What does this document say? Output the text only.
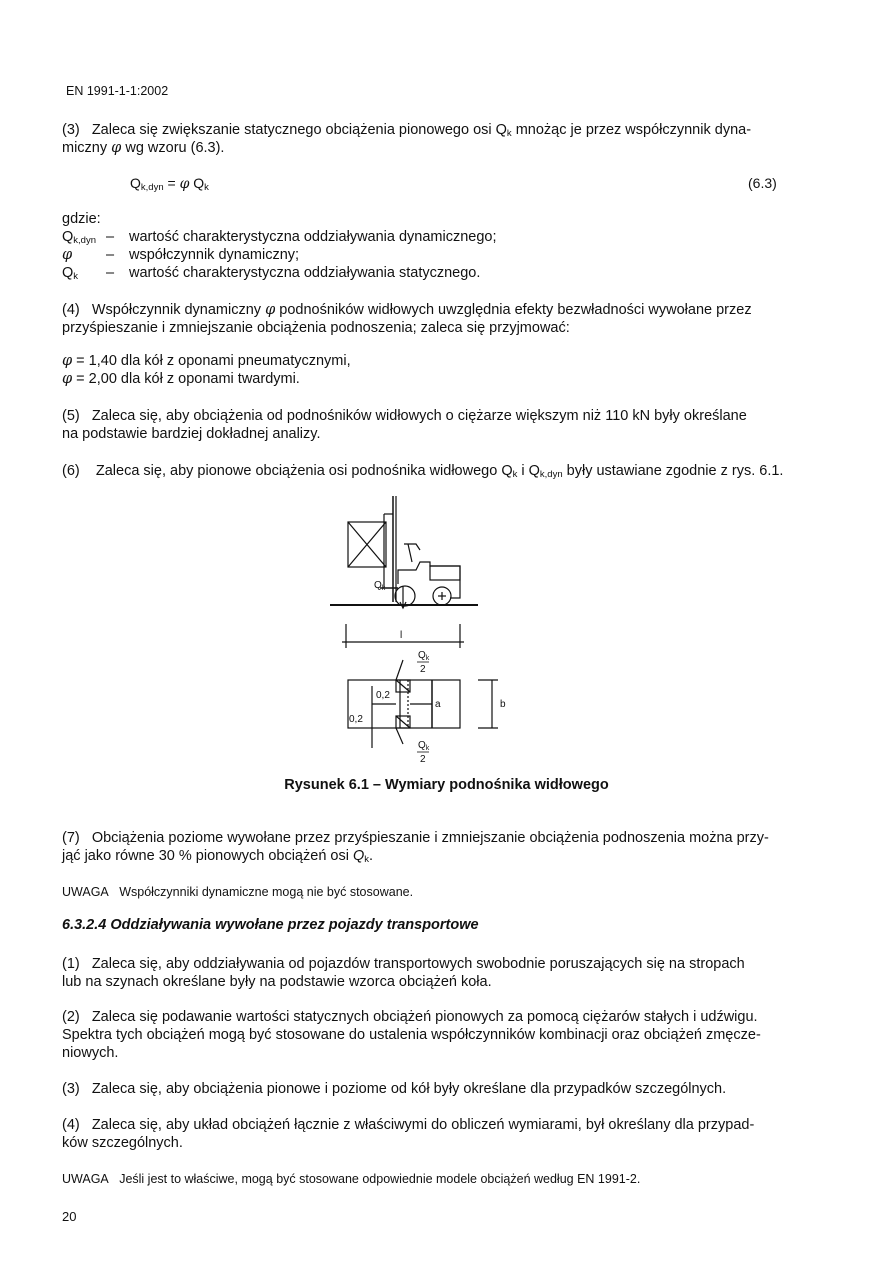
EN 1991-1-1:2002
(3) Zaleca się zwiększanie statycznego obciążenia pionowego osi $Q_k$ mnożąc je przez współczynnik dyna-
miczny φ wg wzoru (6.3).
$Q_{k,dyn} = \varphi$ $Q_k$	(6.3)
gdzie:
$Q_{k,dyn}$ – wartość charakterystyczna oddziaływania dynamicznego;
φ – współczynnik dynamiczny;
$Q_k$ – wartość charakterystyczna oddziaływania statycznego.
(4) Współczynnik dynamiczny φ podnośników widłowych uwzględnia efekty bezwładności wywołane przez
przyśpieszanie i zmniejszanie obciążenia podnoszenia; zaleca się przyjmować:
φ = 1,40 dla kół z oponami pneumatycznymi,
φ = 2,00 dla kół z oponami twardymi.
(5) Zaleca się, aby obciążenia od podnośników widłowych o ciężarze większym niż 110 kN były określane
na podstawie bardziej dokładnej analizy.
(6) Zaleca się, aby pionowe obciążenia osi podnośnika widłowego $Q_k$ i $Q_{k,dyn}$ były ustawiane zgodnie z rys. 6.1.
$Q_k$
l
$Q_k$
2
0,2
0,2
a	b
$Q_k$
2
Rysunek 6.1 – Wymiary podnośnika widłowego
(7) Obciążenia poziome wywołane przez przyśpieszanie i zmniejszanie obciążenia podnoszenia można przy-
jąć jako równe 30 % pionowych obciążeń osi $Q_k$.
UWAGA Współczynniki dynamiczne mogą nie być stosowane.
6.3.2.4 Oddziaływania wywołane przez pojazdy transportowe
(1) Zaleca się, aby oddziaływania od pojazdów transportowych swobodnie poruszających się na stropach
lub na szynach określane były na podstawie wzorca obciążeń koła.
(2) Zaleca się podawanie wartości statycznych obciążeń pionowych za pomocą ciężarów stałych i udźwigu.
Spektra tych obciążeń mogą być stosowane do ustalenia współczynników kombinacji oraz obciążeń zmęcze-
niowych.
(3) Zaleca się, aby obciążenia pionowe i poziome od kół były określane dla przypadków szczególnych.
(4) Zaleca się, aby układ obciążeń łącznie z właściwymi do obliczeń wymiarami, był określany dla przypad-
ków szczególnych.
UWAGA Jeśli jest to właściwe, mogą być stosowane odpowiednie modele obciążeń według EN 1991-2.
20
